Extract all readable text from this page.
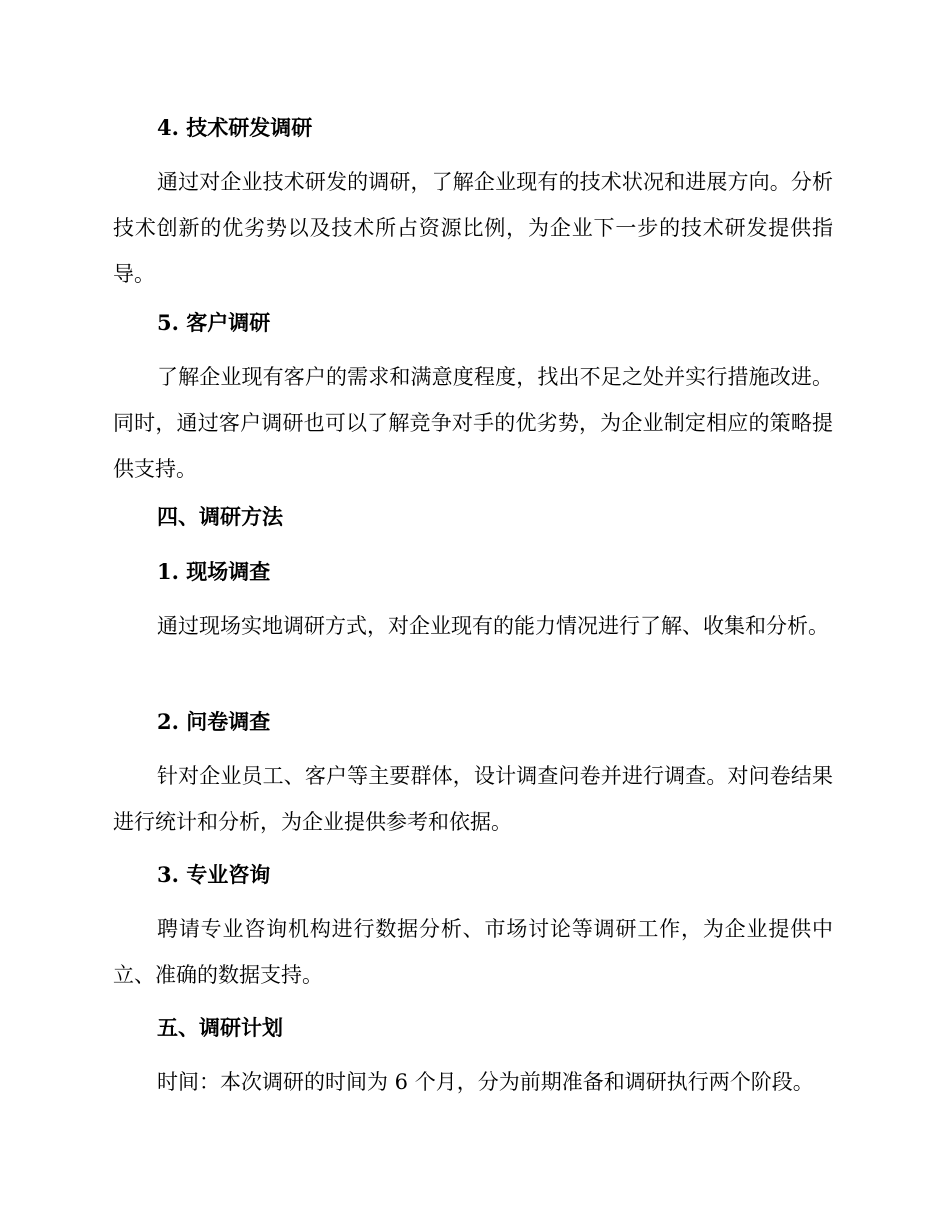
4. 技术研发调研

通过对企业技术研发的调研，了解企业现有的技术状况和进展方向。分析技术创新的优劣势以及技术所占资源比例，为企业下一步的技术研发提供指导。

5. 客户调研

了解企业现有客户的需求和满意度程度，找出不足之处并实行措施改进。同时，通过客户调研也可以了解竞争对手的优劣势，为企业制定相应的策略提供支持。

四、调研方法
1. 现场调查

通过现场实地调研方式，对企业现有的能力情况进行了解、收集和分析。

2. 问卷调查

针对企业员工、客户等主要群体，设计调查问卷并进行调查。对问卷结果进行统计和分析，为企业提供参考和依据。

3. 专业咨询

聘请专业咨询机构进行数据分析、市场讨论等调研工作，为企业提供中立、准确的数据支持。

五、调研计划

时间：本次调研的时间为 6 个月，分为前期准备和调研执行两个阶段。
